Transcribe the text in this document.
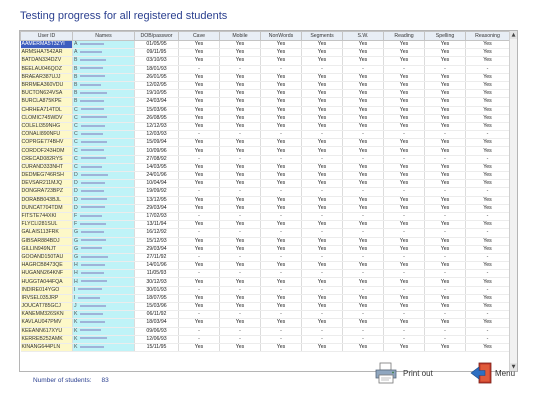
Testing progress for all registered students
User ID	Names	DOB/passwor	Cave	Mobile	NonWords	Segments	S.W.	Reading	Spelling	Reasoning
AAMERMA5T3ZYI	A	01/05/95	Yes	Yes	Yes	Yes	Yes	Yes	Yes	Yes
ARMSHA7542AR	A	09/11/95	Yes	Yes	Yes	Yes	Yes	Yes	Yes	Yes
BATDAN334DZV	B	03/10/93	Yes	Yes	Yes	Yes	Yes	Yes	Yes	Yes
BEELAU046QOZ	B	18/01/93	-	-	-	-	-	-	-	-
BRAEAR387UJJ	B	26/01/95	Yes	Yes	Yes	Yes	Yes	Yes	Yes	Yes
BRRMEA360VDU	B	12/02/95	Yes	Yes	Yes	Yes	Yes	Yes	Yes	Yes
BUCTON624VSA	B	19/10/95	Yes	Yes	Yes	Yes	Yes	Yes	Yes	Yes
BURCLA875KPE	B	24/03/94	Yes	Yes	Yes	Yes	Yes	Yes	Yes	Yes
CHRHEA714TDL	C	15/03/96	Yes	Yes	Yes	Yes	Yes	Yes	Yes	Yes
CLOMIC745WDV	C	26/08/95	Yes	Yes	Yes	Yes	Yes	Yes	Yes	Yes
COLELI359NHG	C	12/12/93	Yes	Yes	Yes	Yes	Yes	Yes	Yes	Yes
CONALI890NFU	C	12/03/93	-	-	-	-	-	-	-	-
COPRGE774BHV	C	15/09/94	Yes	Yes	Yes	Yes	Yes	Yes	Yes	Yes
CORDOF243HDM	C	10/09/96	Yes	Yes	Yes	Yes	Yes	Yes	Yes	Yes
CRECAD082RYS	C	27/08/92	-	-	-	-	-	-	-	-
CURAND333NHT	C	14/03/95	Yes	Yes	Yes	Yes	Yes	Yes	Yes	Yes
DEDMEG746RSH	D	24/01/96	Yes	Yes	Yes	Yes	Yes	Yes	Yes	Yes
DEVSAR211MJQ	D	10/04/94	Yes	Yes	Yes	Yes	Yes	Yes	Yes	Yes
DONGRA723BPZ	D	19/09/92	-	-	-	-	-	-	-	-
DORABB043BJL	D	13/12/95	Yes	Yes	Yes	Yes	Yes	Yes	Yes	Yes
DUNCAT704TDM	D	29/03/94	Yes	Yes	Yes	Yes	Yes	Yes	Yes	Yes
FITSTE744XKI	F	17/02/93	-	-	-	-	-	-	-	-
FLYCLI281SUL	F	13/11/94	Yes	Yes	Yes	Yes	Yes	Yes	Yes	Yes
GALAIS113FRK	G	16/12/92	-	-	-	-	-	-	-	-
GIBSAR884BDJ	G	15/12/93	Yes	Yes	Yes	Yes	Yes	Yes	Yes	Yes
GILLIN949NJT	G	29/03/94	Yes	Yes	Yes	Yes	Yes	Yes	Yes	Yes
GOOAND150TAU	G	27/11/92	-	-	-	-	-	-	-	-
HAGRCB8473QE	H	14/01/96	Yes	Yes	Yes	Yes	Yes	Yes	Yes	Yes
HUGANN264KNF	H	11/05/93	-	-	-	-	-	-	-	-
HUGGTA044FQA	H	30/12/93	Yes	Yes	Yes	Yes	Yes	Yes	Yes	Yes
INDIRE014YGO	I	30/01/93	-	-	-	-	-	-	-	-
IRVSEL035JRP	I	18/07/95	Yes	Yes	Yes	Yes	Yes	Yes	Yes	Yes
JOUCAT785GCJ	J	15/03/96	Yes	Yes	Yes	Yes	Yes	Yes	Yes	Yes
KANEMM326SKN	K	06/11/92	-	-	-	-	-	-	-	-
KAVLAU047PMV	K	18/03/94	Yes	Yes	Yes	Yes	Yes	Yes	Yes	Yes
KEEANN617XYU	K	09/06/93	-	-	-	-	-	-	-	-
KERREB252AMK	K	12/06/93	-	-	-	-	-	-	-	-
KINANG644PLN	K	15/11/95	Yes	Yes	Yes	Yes	Yes	Yes	Yes	Yes
▲
▼
Number of students: 83
Print out	Menu
